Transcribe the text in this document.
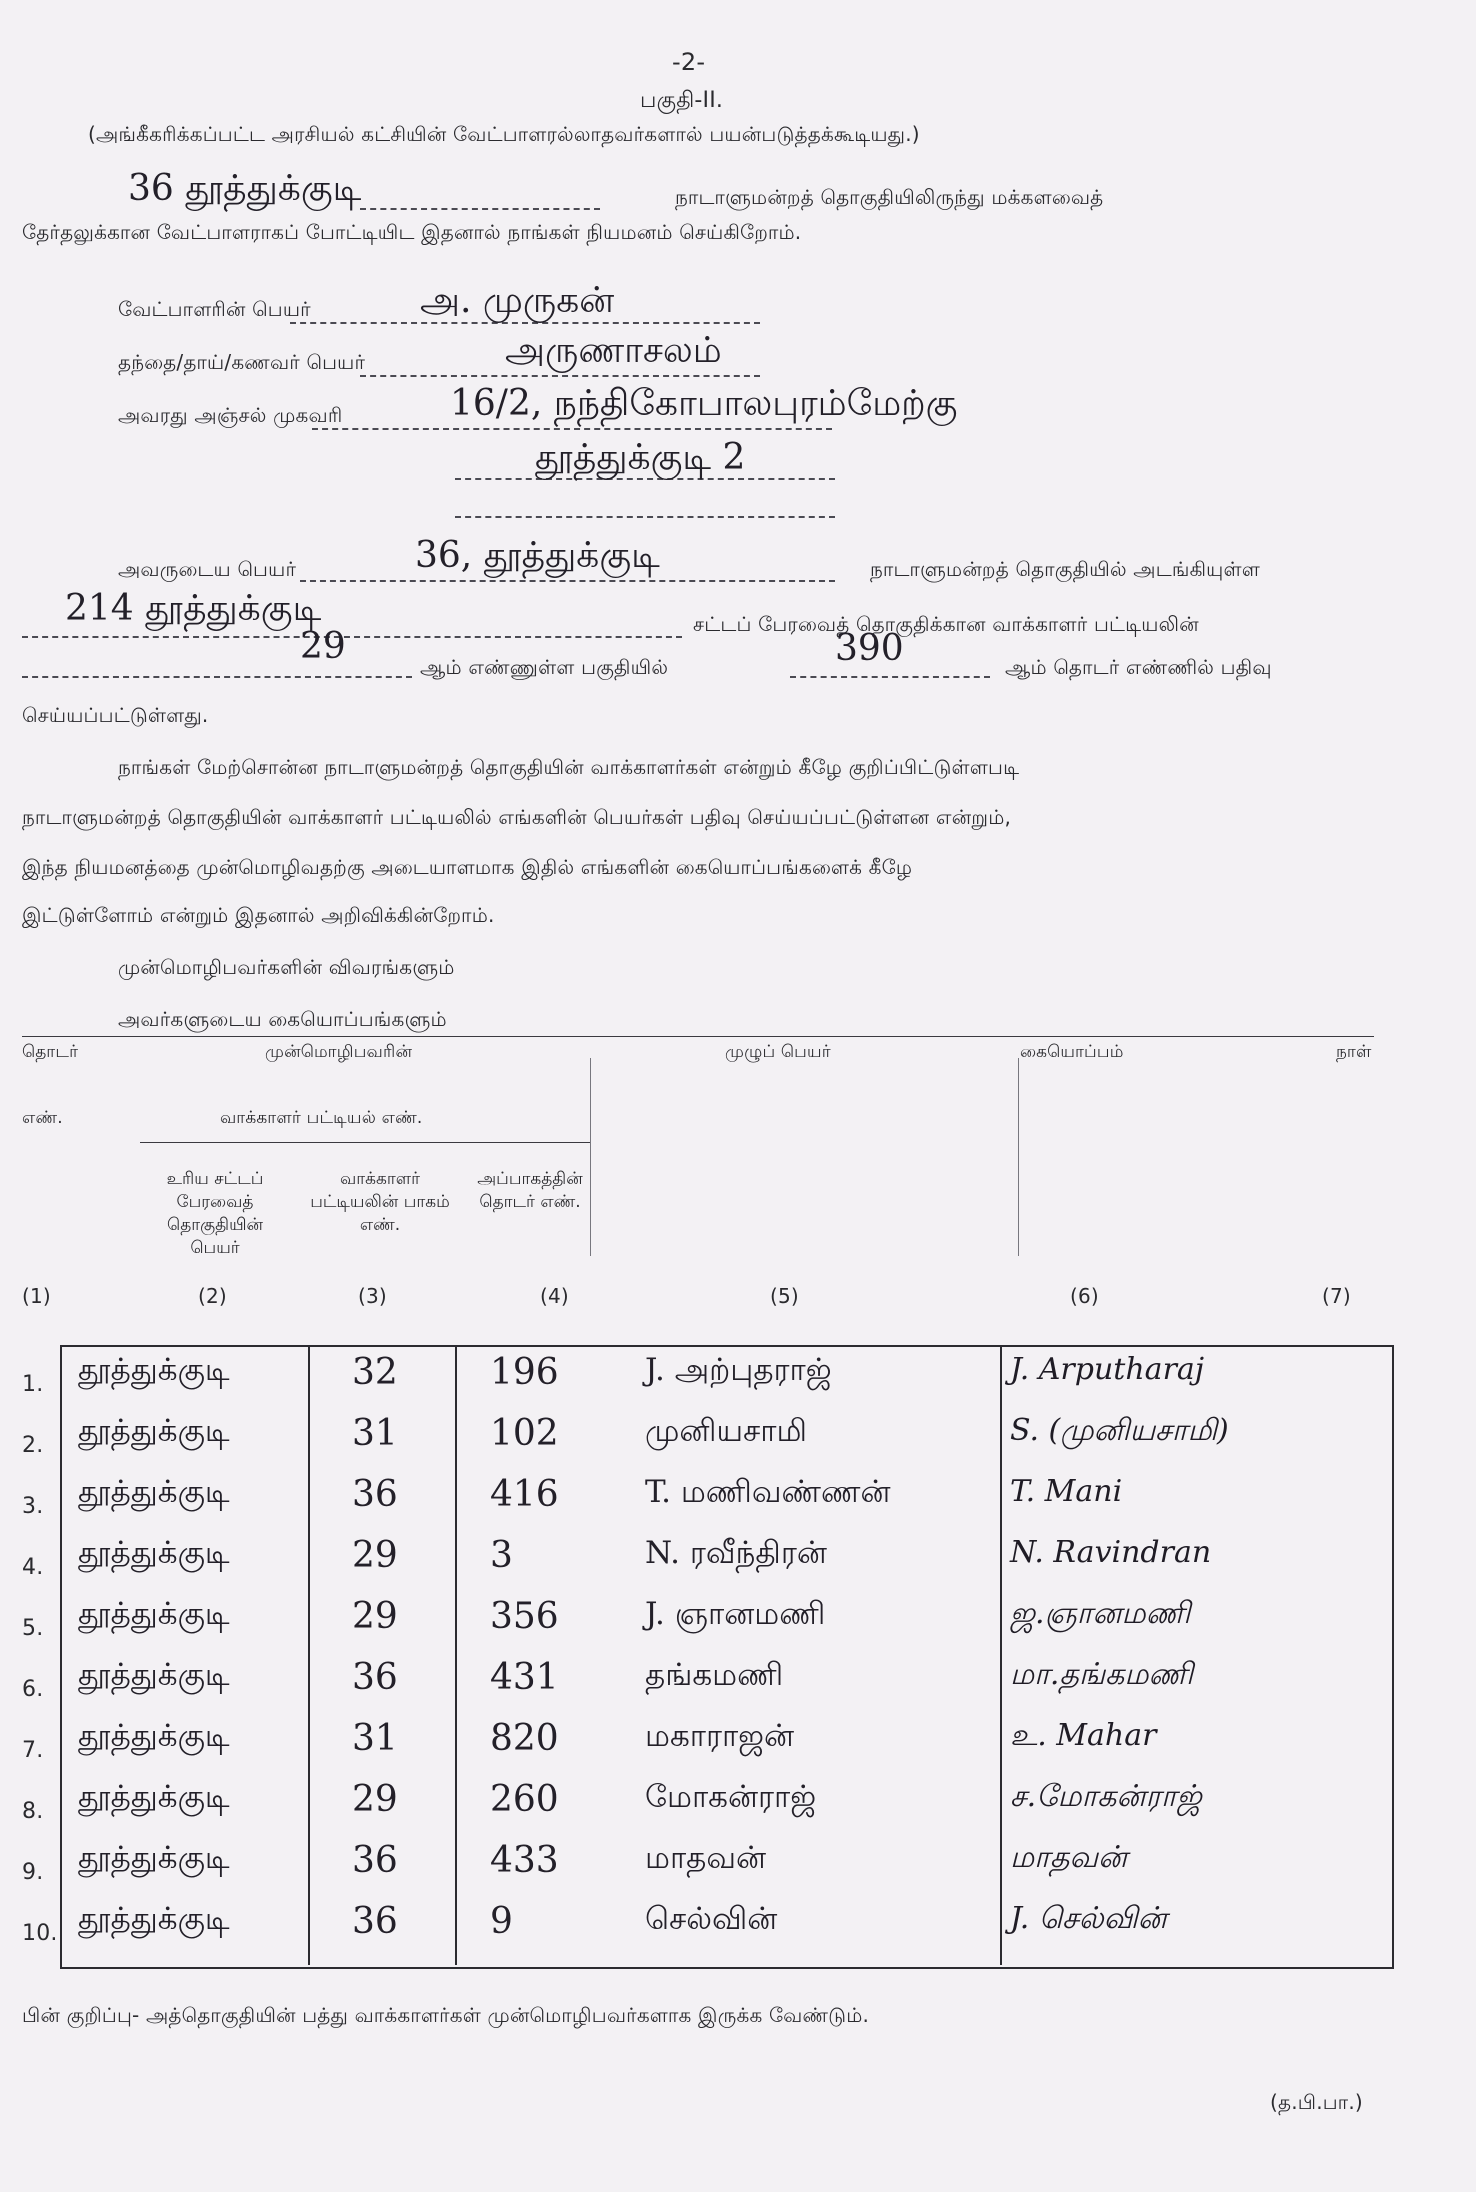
-2-
பகுதி-II.
(அங்கீகரிக்கப்பட்ட அரசியல் கட்சியின் வேட்பாளரல்லாதவர்களால் பயன்படுத்தக்கூடியது.)
36 தூத்துக்குடி	நாடாளுமன்றத் தொகுதியிலிருந்து மக்களவைத்
தேர்தலுக்கான வேட்பாளராகப் போட்டியிட இதனால் நாங்கள் நியமனம் செய்கிறோம்.
வேட்பாளரின் பெயர்	அ. முருகன்
தந்தை/தாய்/கணவர் பெயர்	அருணாசலம்
அவரது அஞ்சல் முகவரி	16/2, நந்திகோபாலபுரம்மேற்கு
தூத்துக்குடி 2
அவருடைய பெயர்	36, தூத்துக்குடி	நாடாளுமன்றத் தொகுதியில் அடங்கியுள்ள
214 தூத்துக்குடி	சட்டப் பேரவைத் தொகுதிக்கான வாக்காளர் பட்டியலின்
29	ஆம் எண்ணுள்ள பகுதியில்	390	ஆம் தொடர் எண்ணில் பதிவு
செய்யப்பட்டுள்ளது.
நாங்கள் மேற்சொன்ன நாடாளுமன்றத் தொகுதியின் வாக்காளர்கள் என்றும் கீழே குறிப்பிட்டுள்ளபடி
நாடாளுமன்றத் தொகுதியின் வாக்காளர் பட்டியலில் எங்களின் பெயர்கள் பதிவு செய்யப்பட்டுள்ளன என்றும்,
இந்த நியமனத்தை முன்மொழிவதற்கு அடையாளமாக இதில் எங்களின் கையொப்பங்களைக் கீழே
இட்டுள்ளோம் என்றும் இதனால் அறிவிக்கின்றோம்.
முன்மொழிபவர்களின் விவரங்களும்
அவர்களுடைய கையொப்பங்களும்
தொடர்	முன்மொழிபவரின்	முழுப் பெயர்	கையொப்பம்	நாள்
எண்.	வாக்காளர் பட்டியல் எண்.
உரிய சட்டப் பேரவைத் தொகுதியின் பெயர்
வாக்காளர் பட்டியலின் பாகம் எண்.
அப்பாகத்தின் தொடர் எண்.
(1)	(2)	(3)	(4)	(5)	(6)	(7)
1. தூத்துக்குடி	32	196	J. அற்புதராஜ்	J. Arputharaj
2. தூத்துக்குடி	31	102	முனியசாமி	S. (முனியசாமி)
3. தூத்துக்குடி	36	416	T. மணிவண்ணன்	T. Mani
4. தூத்துக்குடி	29	3	N. ரவீந்திரன்	N. Ravindran
5. தூத்துக்குடி	29	356	J. ஞானமணி	ஜ.ஞானமணி
6. தூத்துக்குடி	36	431	தங்கமணி	மா.தங்கமணி
7. தூத்துக்குடி	31	820	மகாராஜன்	உ. Mahar
8. தூத்துக்குடி	29	260	மோகன்ராஜ்	ச.மோகன்ராஜ்
9. தூத்துக்குடி	36	433	மாதவன்	மாதவன்
10. தூத்துக்குடி	36	9	செல்வின்	J. செல்வின்
பின் குறிப்பு- அத்தொகுதியின் பத்து வாக்காளர்கள் முன்மொழிபவர்களாக இருக்க வேண்டும்.
(த.பி.பா.)
